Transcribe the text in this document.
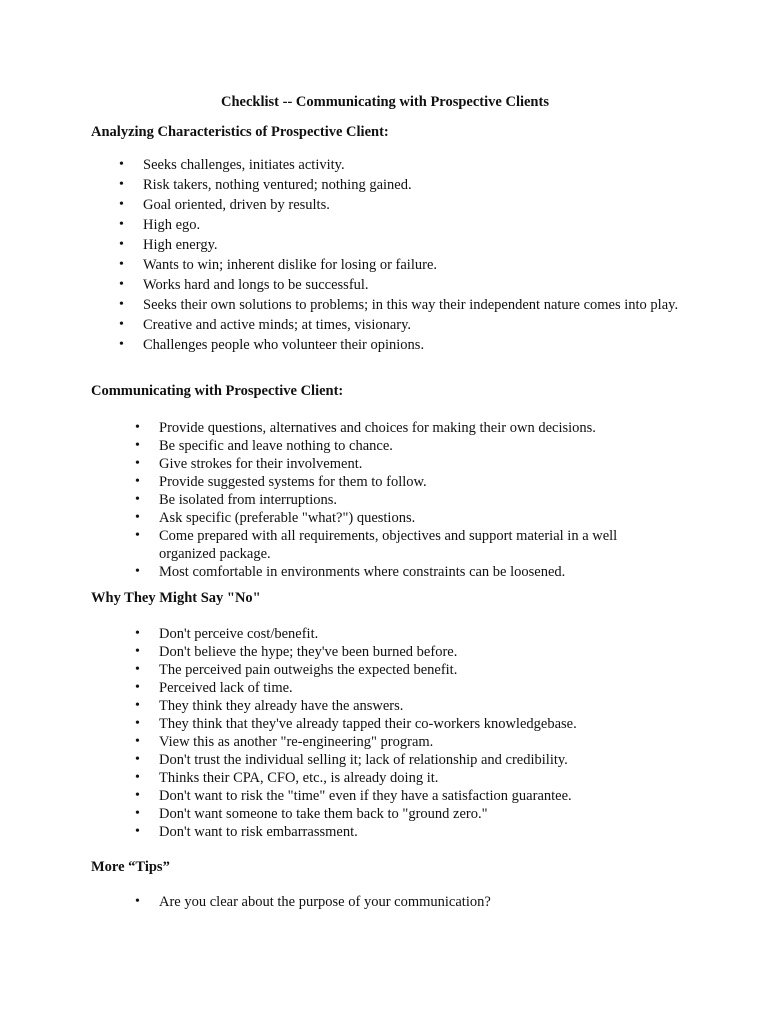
Checklist -- Communicating with Prospective Clients
Analyzing Characteristics of Prospective Client:
• Seeks challenges, initiates activity.
• Risk takers, nothing ventured; nothing gained.
• Goal oriented, driven by results.
• High ego.
• High energy.
• Wants to win; inherent dislike for losing or failure.
• Works hard and longs to be successful.
• Seeks their own solutions to problems; in this way their independent nature comes into play.
• Creative and active minds; at times, visionary.
• Challenges people who volunteer their opinions.
Communicating with Prospective Client:
• Provide questions, alternatives and choices for making their own decisions.
• Be specific and leave nothing to chance.
• Give strokes for their involvement.
• Provide suggested systems for them to follow.
• Be isolated from interruptions.
• Ask specific (preferable "what?") questions.
• Come prepared with all requirements, objectives and support material in a well organized package.
• Most comfortable in environments where constraints can be loosened.
Why They Might Say "No"
• Don't perceive cost/benefit.
• Don't believe the hype; they've been burned before.
• The perceived pain outweighs the expected benefit.
• Perceived lack of time.
• They think they already have the answers.
• They think that they've already tapped their co-workers knowledgebase.
• View this as another "re-engineering" program.
• Don't trust the individual selling it; lack of relationship and credibility.
• Thinks their CPA, CFO, etc., is already doing it.
• Don't want to risk the "time" even if they have a satisfaction guarantee.
• Don't want someone to take them back to "ground zero."
• Don't want to risk embarrassment.
More “Tips”
• Are you clear about the purpose of your communication?
